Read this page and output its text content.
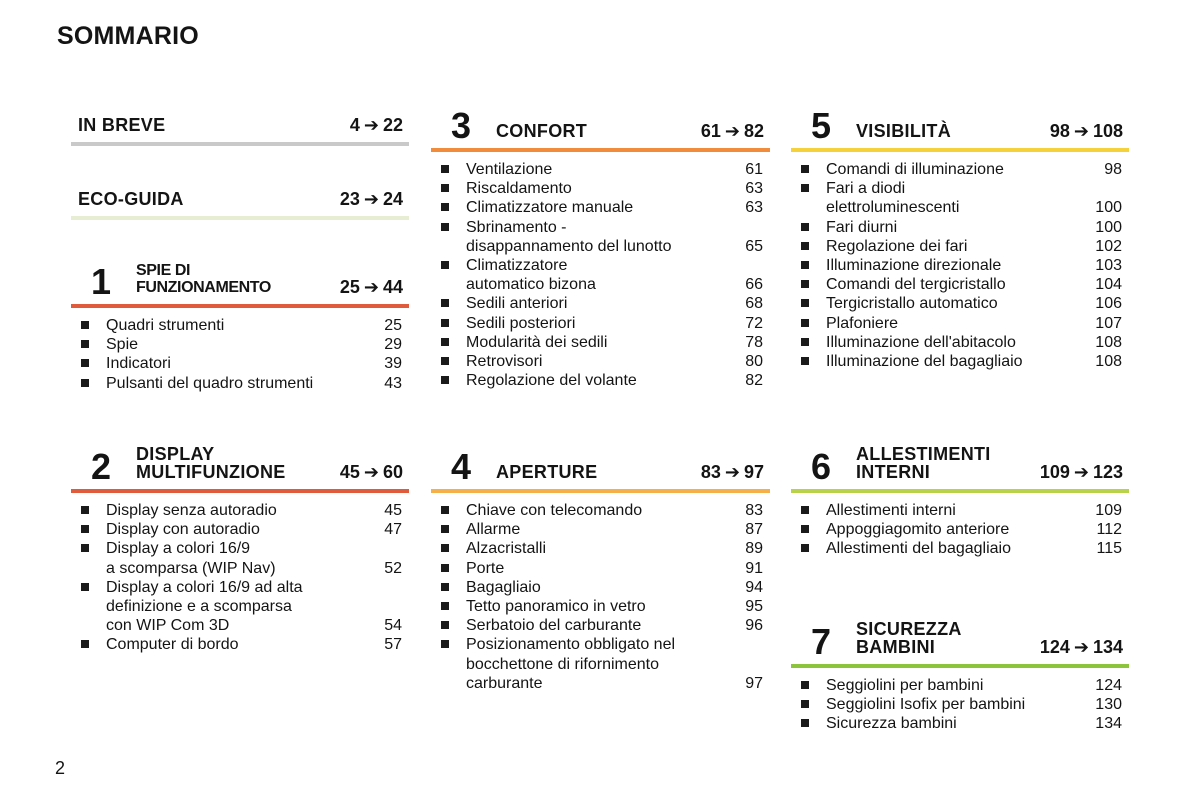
SOMMARIO
IN BREVE	4 ➔ 22
ECO-GUIDA	23 ➔ 24
1 SPIE DI
FUNZIONAMENTO	25 ➔ 44
Quadri strumenti	25
Spie	29
Indicatori	39
Pulsanti del quadro strumenti	43
2 DISPLAY
MULTIFUNZIONE	45 ➔ 60
Display senza autoradio	45
Display con autoradio	47
Display a colori 16/9
a scomparsa (WIP Nav)	52
Display a colori 16/9 ad alta
definizione e a scomparsa
con WIP Com 3D	54
Computer di bordo	57
3 CONFORT	61 ➔ 82
Ventilazione	61
Riscaldamento	63
Climatizzatore manuale	63
Sbrinamento -
disappannamento del lunotto	65
Climatizzatore
automatico bizona	66
Sedili anteriori	68
Sedili posteriori	72
Modularità dei sedili	78
Retrovisori	80
Regolazione del volante	82
4 APERTURE	83 ➔ 97
Chiave con telecomando	83
Allarme	87
Alzacristalli	89
Porte	91
Bagagliaio	94
Tetto panoramico in vetro	95
Serbatoio del carburante	96
Posizionamento obbligato nel
bocchettone di rifornimento
carburante	97
5 VISIBILITÀ	98 ➔ 108
Comandi di illuminazione	98
Fari a diodi
elettroluminescenti	100
Fari diurni	100
Regolazione dei fari	102
Illuminazione direzionale	103
Comandi del tergicristallo	104
Tergicristallo automatico	106
Plafoniere	107
Illuminazione dell'abitacolo	108
Illuminazione del bagagliaio	108
6 ALLESTIMENTI
INTERNI	109 ➔ 123
Allestimenti interni	109
Appoggiagomito anteriore	112
Allestimenti del bagagliaio	115
7 SICUREZZA
BAMBINI	124 ➔ 134
Seggiolini per bambini	124
Seggiolini Isofix per bambini	130
Sicurezza bambini	134
2
